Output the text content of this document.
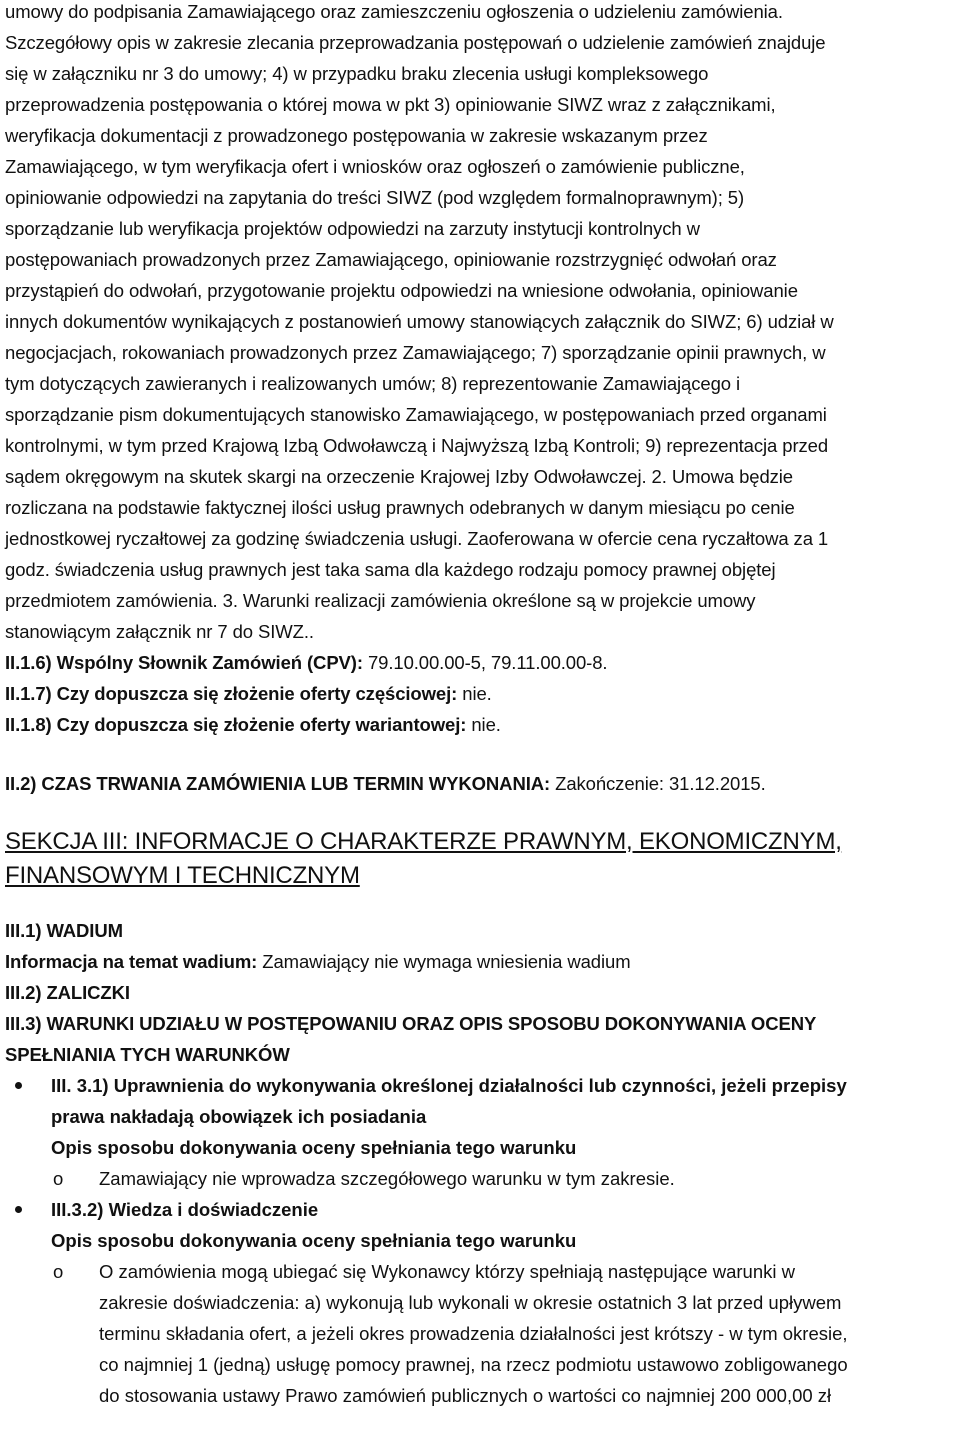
umowy do podpisania Zamawiającego oraz zamieszczeniu ogłoszenia o udzieleniu zamówienia.
Szczegółowy opis w zakresie zlecania przeprowadzania postępowań o udzielenie zamówień znajduje
się w załączniku nr 3 do umowy; 4) w przypadku braku zlecenia usługi kompleksowego
przeprowadzenia postępowania o której mowa w pkt 3) opiniowanie SIWZ wraz z załącznikami,
weryfikacja dokumentacji z prowadzonego postępowania w zakresie wskazanym przez
Zamawiającego, w tym weryfikacja ofert i wniosków oraz ogłoszeń o zamówienie publiczne,
opiniowanie odpowiedzi na zapytania do treści SIWZ (pod względem formalnoprawnym); 5)
sporządzanie lub weryfikacja projektów odpowiedzi na zarzuty instytucji kontrolnych w
postępowaniach prowadzonych przez Zamawiającego, opiniowanie rozstrzygnięć odwołań oraz
przystąpień do odwołań, przygotowanie projektu odpowiedzi na wniesione odwołania, opiniowanie
innych dokumentów wynikających z postanowień umowy stanowiących załącznik do SIWZ; 6) udział w
negocjacjach, rokowaniach prowadzonych przez Zamawiającego; 7) sporządzanie opinii prawnych, w
tym dotyczących zawieranych i realizowanych umów; 8) reprezentowanie Zamawiającego i
sporządzanie pism dokumentujących stanowisko Zamawiającego, w postępowaniach przed organami
kontrolnymi, w tym przed Krajową Izbą Odwoławczą i Najwyższą Izbą Kontroli; 9) reprezentacja przed
sądem okręgowym na skutek skargi na orzeczenie Krajowej Izby Odwoławczej. 2. Umowa będzie
rozliczana na podstawie faktycznej ilości usług prawnych odebranych w danym miesiącu po cenie
jednostkowej ryczałtowej za godzinę świadczenia usługi. Zaoferowana w ofercie cena ryczałtowa za 1
godz. świadczenia usług prawnych jest taka sama dla każdego rodzaju pomocy prawnej objętej
przedmiotem zamówienia. 3. Warunki realizacji zamówienia określone są w projekcie umowy
stanowiącym załącznik nr 7 do SIWZ..
II.1.6) Wspólny Słownik Zamówień (CPV): 79.10.00.00-5, 79.11.00.00-8.
II.1.7) Czy dopuszcza się złożenie oferty częściowej: nie.
II.1.8) Czy dopuszcza się złożenie oferty wariantowej: nie.
II.2) CZAS TRWANIA ZAMÓWIENIA LUB TERMIN WYKONANIA: Zakończenie: 31.12.2015.
SEKCJA III: INFORMACJE O CHARAKTERZE PRAWNYM, EKONOMICZNYM,
FINANSOWYM I TECHNICZNYM
III.1) WADIUM
Informacja na temat wadium: Zamawiający nie wymaga wniesienia wadium
III.2) ZALICZKI
III.3) WARUNKI UDZIAŁU W POSTĘPOWANIU ORAZ OPIS SPOSOBU DOKONYWANIA OCENY
SPEŁNIANIA TYCH WARUNKÓW
III. 3.1) Uprawnienia do wykonywania określonej działalności lub czynności, jeżeli przepisy
prawa nakładają obowiązek ich posiadania
Opis sposobu dokonywania oceny spełniania tego warunku
o Zamawiający nie wprowadza szczegółowego warunku w tym zakresie.
III.3.2) Wiedza i doświadczenie
Opis sposobu dokonywania oceny spełniania tego warunku
o O zamówienia mogą ubiegać się Wykonawcy którzy spełniają następujące warunki w
zakresie doświadczenia: a) wykonują lub wykonali w okresie ostatnich 3 lat przed upływem
terminu składania ofert, a jeżeli okres prowadzenia działalności jest krótszy - w tym okresie,
co najmniej 1 (jedną) usługę pomocy prawnej, na rzecz podmiotu ustawowo zobligowanego
do stosowania ustawy Prawo zamówień publicznych o wartości co najmniej 200 000,00 zł
